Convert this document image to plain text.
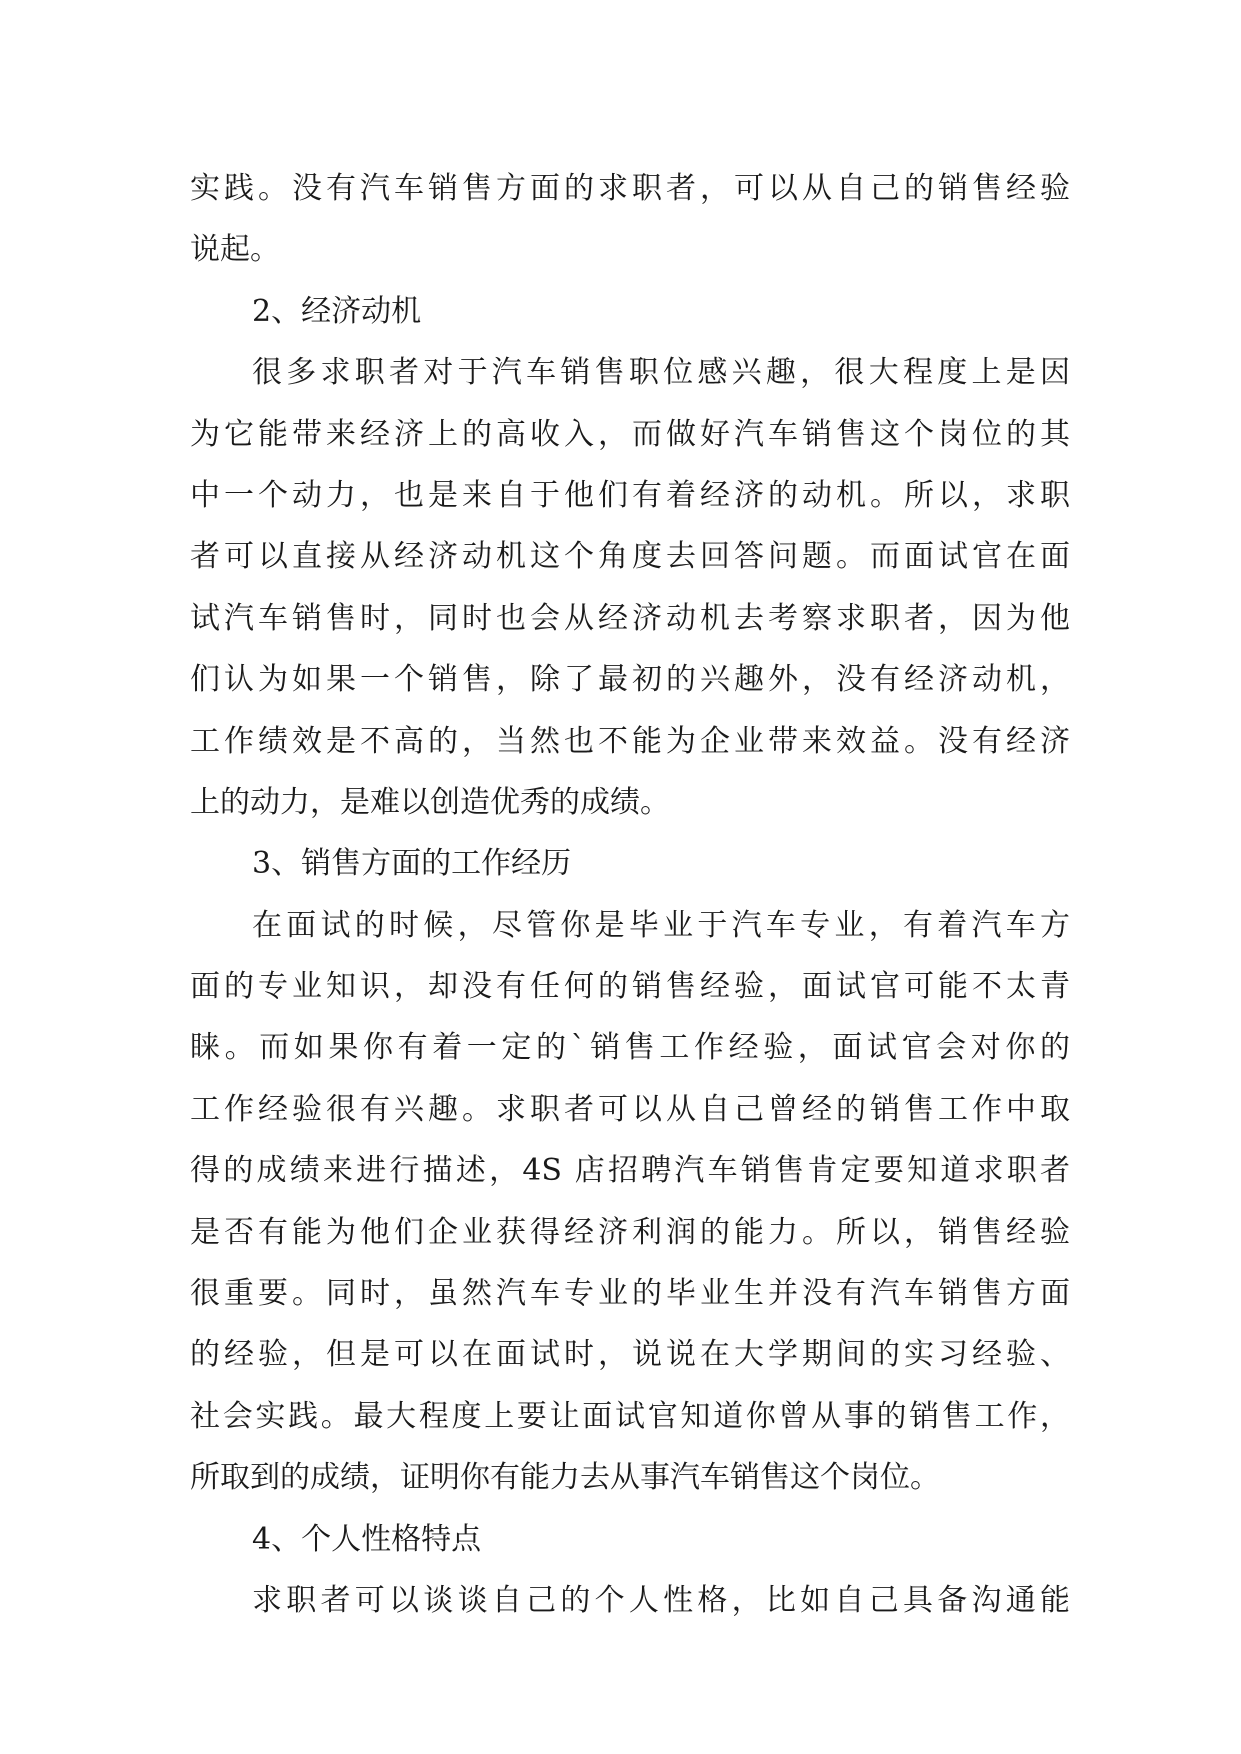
实践。没有汽车销售方面的求职者，可以从自己的销售经验
说起。
2、经济动机
很多求职者对于汽车销售职位感兴趣，很大程度上是因
为它能带来经济上的高收入，而做好汽车销售这个岗位的其
中一个动力，也是来自于他们有着经济的动机。所以，求职
者可以直接从经济动机这个角度去回答问题。而面试官在面
试汽车销售时，同时也会从经济动机去考察求职者，因为他
们认为如果一个销售，除了最初的兴趣外，没有经济动机，
工作绩效是不高的，当然也不能为企业带来效益。没有经济
上的动力，是难以创造优秀的成绩。
3、销售方面的工作经历
在面试的时候，尽管你是毕业于汽车专业，有着汽车方
面的专业知识，却没有任何的销售经验，面试官可能不太青
睐。而如果你有着一定的`销售工作经验，面试官会对你的
工作经验很有兴趣。求职者可以从自己曾经的销售工作中取
得的成绩来进行描述，4S 店招聘汽车销售肯定要知道求职者
是否有能为他们企业获得经济利润的能力。所以，销售经验
很重要。同时，虽然汽车专业的毕业生并没有汽车销售方面
的经验，但是可以在面试时，说说在大学期间的实习经验、
社会实践。最大程度上要让面试官知道你曾从事的销售工作，
所取到的成绩，证明你有能力去从事汽车销售这个岗位。
4、个人性格特点
求职者可以谈谈自己的个人性格，比如自己具备沟通能
